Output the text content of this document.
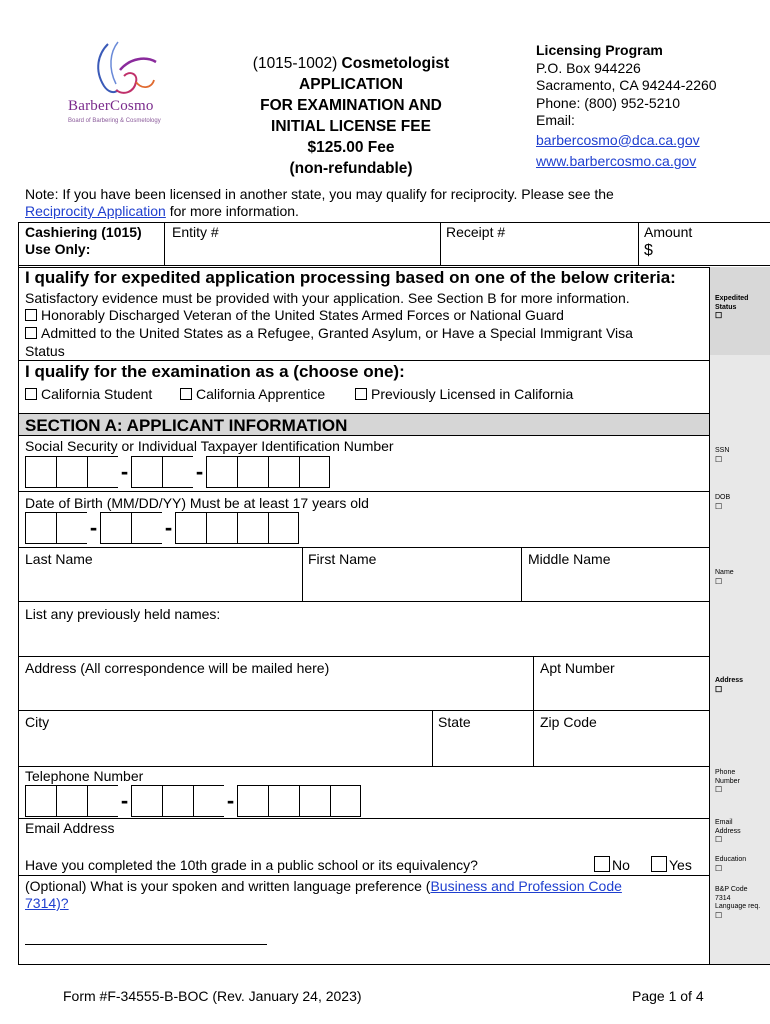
BarberCosmo
Board of Barbering & Cosmetology
(1015-1002) Cosmetologist
APPLICATION
FOR EXAMINATION AND
INITIAL LICENSE FEE
$125.00 Fee
(non-refundable)
Licensing Program
P.O. Box 944226
Sacramento, CA 94244-2260
Phone: (800) 952-5210
Email:
barbercosmo@dca.ca.gov
www.barbercosmo.ca.gov
Note: If you have been licensed in another state, you may qualify for reciprocity. Please see the
Reciprocity Application for more information.
Cashiering (1015)
Use Only:
Entity #	Receipt #	Amount
$
I qualify for expedited application processing based on one of the below criteria:
Satisfactory evidence must be provided with your application. See Section B for more information.
Honorably Discharged Veteran of the United States Armed Forces or National Guard
Admitted to the United States as a Refugee, Granted Asylum, or Have a Special Immigrant Visa
Status
I qualify for the examination as a (choose one):
California Student	California Apprentice	Previously Licensed in California
SECTION A: APPLICANT INFORMATION
Social Security or Individual Taxpayer Identification Number
-	-
Date of Birth (MM/DD/YY) Must be at least 17 years old
-	-
Last Name	First Name	Middle Name
List any previously held names:
Address (All correspondence will be mailed here)	Apt Number
City	State	Zip Code
Telephone Number
-	-
Email Address
Have you completed the 10th grade in a public school or its equivalency?	No	Yes
(Optional) What is your spoken and written language preference (Business and Profession Code
7314)?
Expedited
Status
☐
SSN
☐
DOB
☐
Name
☐
Address
☐
Phone
Number
☐
Email
Address
☐
Education
☐
B&P Code
7314
Language req.
☐
Form #F-34555-B-BOC (Rev. January 24, 2023)	Page 1 of 4
